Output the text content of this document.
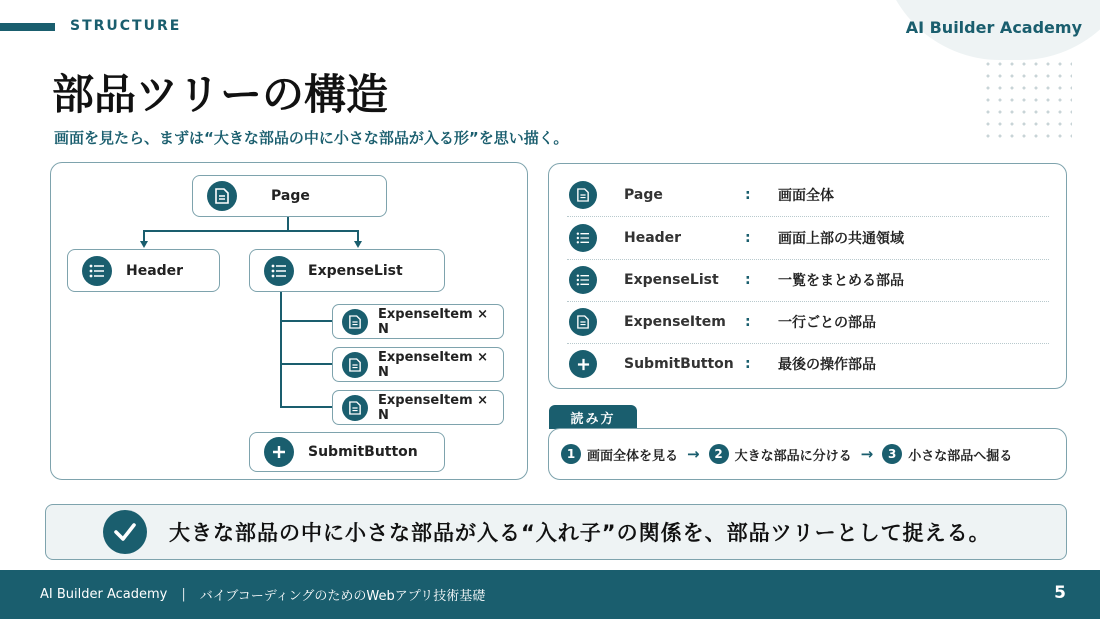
AI Builder Academy
STRUCTURE
部品ツリーの構造

画面を見たら、まずは“大きな部品の中に小さな部品が入る形”を思い描く。

Page
Header	ExpenseList
ExpenseItem × N
ExpenseItem × N
ExpenseItem × N
SubmitButton
Page	: 画面全体
Header	: 画面上部の共通領域
ExpenseList : 一覧をまとめる部品
ExpenseItem : 一行ごとの部品
SubmitButton : 最後の操作部品
読み方
1 画面全体を見る →	2 大きな部品に分ける →	3 小さな部品へ掘る
大きな部品の中に小さな部品が入る“入れ子”の関係を、部品ツリーとして捉える。
AI Builder Academy | バイブコーディングのためのWebアプリ技術基礎	5
